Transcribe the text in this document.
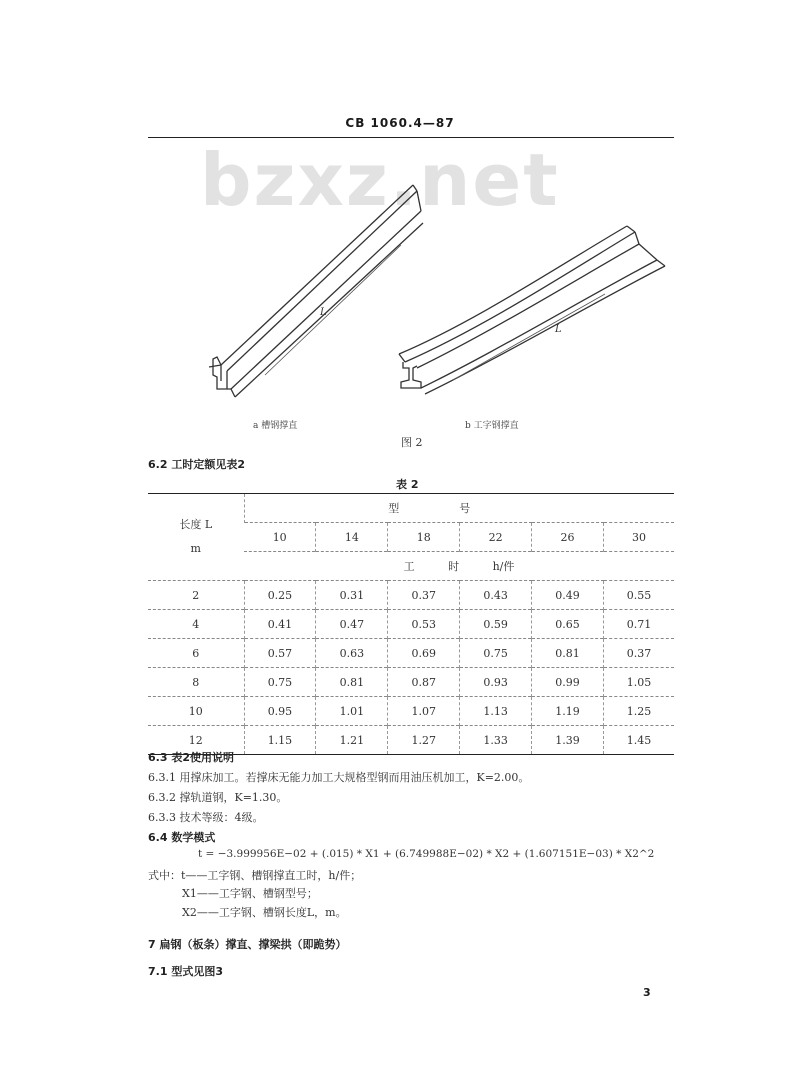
CB 1060.4—87
bzxz.net
L
L
a 槽钢撑直	b 工字钢撑直
图 2
6.2 工时定额见表2
表 2
长度 L
m	型号					
	10	14	18	22	26	30
	工 时 h/件					
2	0.25	0.31	0.37	0.43	0.49	0.55
4	0.41	0.47	0.53	0.59	0.65	0.71
6	0.57	0.63	0.69	0.75	0.81	0.37
8	0.75	0.81	0.87	0.93	0.99	1.05
10	0.95	1.01	1.07	1.13	1.19	1.25
12	1.15	1.21	1.27	1.33	1.39	1.45
6.3 表2使用说明
6.3.1 用撑床加工。若撑床无能力加工大规格型钢而用油压机加工，K=2.00。
6.3.2 撑轨道钢，K=1.30。
6.3.3 技术等级：4级。
6.4 数学模式
t = −3.999956E−02 + (.015) * X1 + (6.749988E−02) * X2 + (1.607151E−03) * X2^2
式中：t——工字钢、槽钢撑直工时，h/件；
X1——工字钢、槽钢型号；
X2——工字钢、槽钢长度L，m。
7 扁钢（板条）撑直、撑梁拱（即跪势）
7.1 型式见图3
3
